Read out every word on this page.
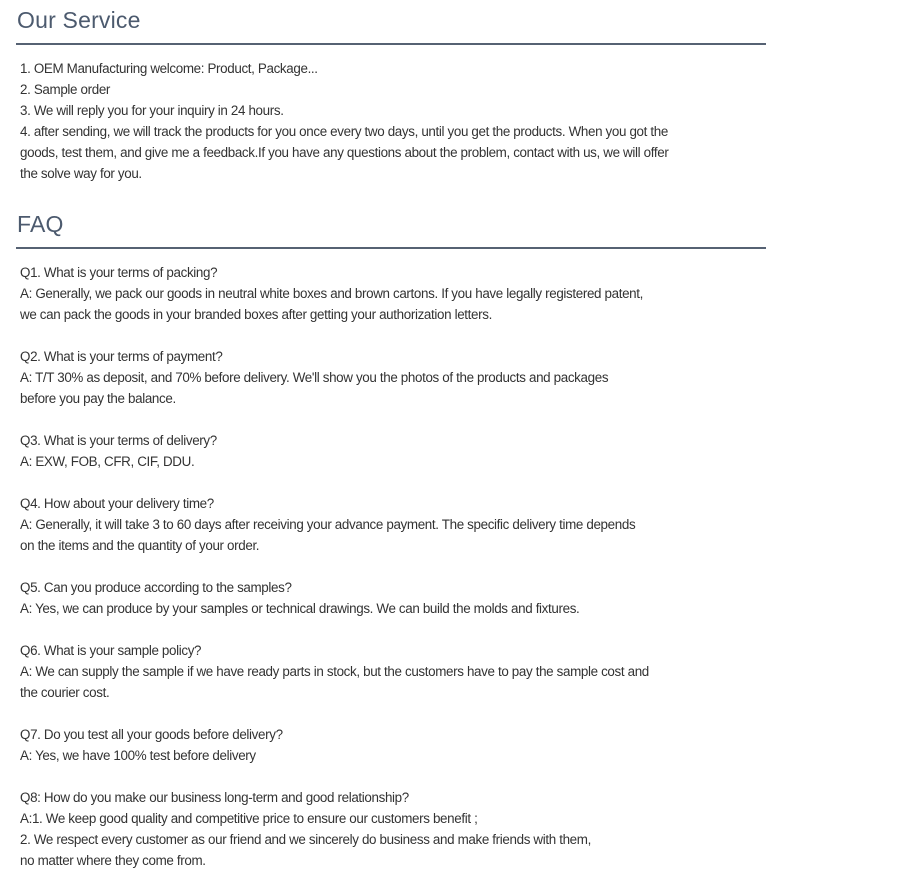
Our Service
1. OEM Manufacturing welcome: Product, Package...
2. Sample order
3. We will reply you for your inquiry in 24 hours.
4. after sending, we will track the products for you once every two days, until you get the products. When you got the
goods, test them, and give me a feedback.If you have any questions about the problem, contact with us, we will offer
the solve way for you.
FAQ
Q1. What is your terms of packing?
A: Generally, we pack our goods in neutral white boxes and brown cartons. If you have legally registered patent,
we can pack the goods in your branded boxes after getting your authorization letters.
Q2. What is your terms of payment?
A: T/T 30% as deposit, and 70% before delivery. We'll show you the photos of the products and packages
before you pay the balance.
Q3. What is your terms of delivery?
A: EXW, FOB, CFR, CIF, DDU.
Q4. How about your delivery time?
A: Generally, it will take 3 to 60 days after receiving your advance payment. The specific delivery time depends
on the items and the quantity of your order.
Q5. Can you produce according to the samples?
A: Yes, we can produce by your samples or technical drawings. We can build the molds and fixtures.
Q6. What is your sample policy?
A: We can supply the sample if we have ready parts in stock, but the customers have to pay the sample cost and
the courier cost.
Q7. Do you test all your goods before delivery?
A: Yes, we have 100% test before delivery
Q8: How do you make our business long-term and good relationship?
A:1. We keep good quality and competitive price to ensure our customers benefit ;
2. We respect every customer as our friend and we sincerely do business and make friends with them,
no matter where they come from.
